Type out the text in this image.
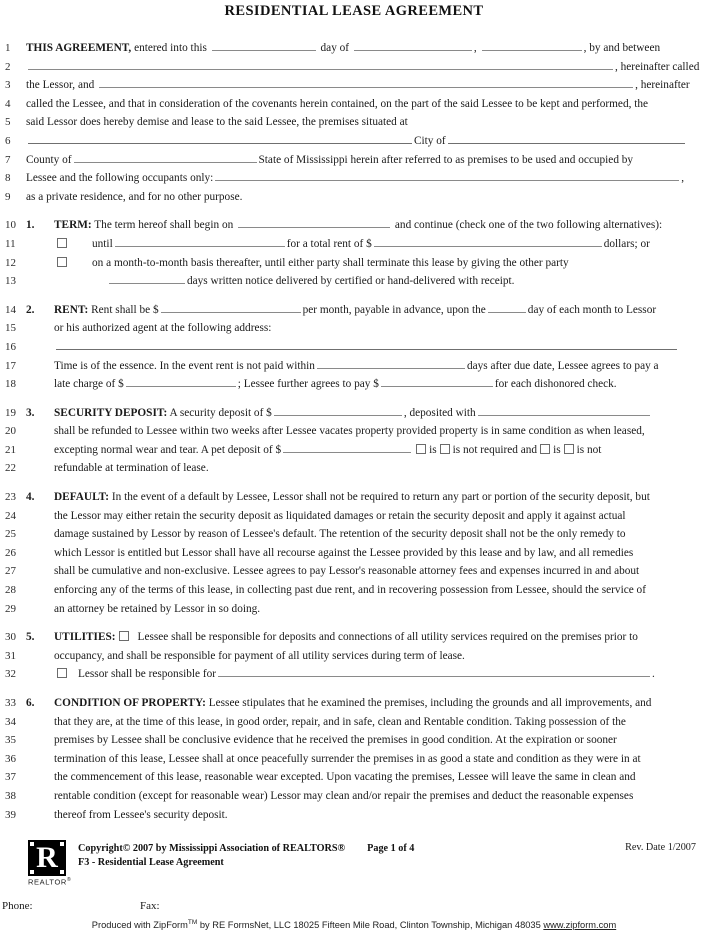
RESIDENTIAL LEASE AGREEMENT
1	THIS AGREEMENT, entered into this	day of	,	, by and between
2	, hereinafter called
3	the Lessor, and	, hereinafter
4	called the Lessee, and that in consideration of the covenants herein contained, on the part of the said Lessee to be kept and performed, the
5	said Lessor does hereby demise and lease to the said Lessee, the premises situated at
6	City of
7	County of	State of Mississippi herein after referred to as premises to be used and occupied by
8	Lessee and the following occupants only:	,
9	as a private residence, and for no other purpose.
10 1. TERM: The term hereof shall begin on	and continue (check one of the two following alternatives):
11	until	for a total rent of $	dollars; or
12	on a month-to-month basis thereafter, until either party shall terminate this lease by giving the other party
13	days written notice delivered by certified or hand-delivered with receipt.
14 2. RENT: Rent shall be $	per month, payable in advance, upon the	day of each month to Lessor
15	or his authorized agent at the following address:
16
17	Time is of the essence. In the event rent is not paid within	days after due date, Lessee agrees to pay a
18	late charge of $	; Lessee further agrees to pay $	for each dishonored check.
19 3. SECURITY DEPOSIT: A security deposit of $	, deposited with
20	shall be refunded to Lessee within two weeks after Lessee vacates property provided property is in same condition as when leased,
21	excepting normal wear and tear. A pet deposit of $	is is not required and is is not
22	refundable at termination of lease.
23 4. DEFAULT: In the event of a default by Lessee, Lessor shall not be required to return any part or portion of the security deposit, but
24	the Lessor may either retain the security deposit as liquidated damages or retain the security deposit and apply it against actual
25	damage sustained by Lessor by reason of Lessee's default. The retention of the security deposit shall not be the only remedy to
26	which Lessor is entitled but Lessor shall have all recourse against the Lessee provided by this lease and by law, and all remedies
27	shall be cumulative and non-exclusive. Lessee agrees to pay Lessor's reasonable attorney fees and expenses incurred in and about
28	enforcing any of the terms of this lease, in collecting past due rent, and in recovering possession from Lessee, should the service of
29	an attorney be retained by Lessor in so doing.
30 5. UTILITIES: Lessee shall be responsible for deposits and connections of all utility services required on the premises prior to
31	occupancy, and shall be responsible for payment of all utility services during term of lease.
32	Lessor shall be responsible for	.
33 6. CONDITION OF PROPERTY: Lessee stipulates that he examined the premises, including the grounds and all improvements, and
34	that they are, at the time of this lease, in good order, repair, and in safe, clean and Rentable condition. Taking possession of the
35	premises by Lessee shall be conclusive evidence that he received the premises in good condition. At the expiration or sooner
36	termination of this lease, Lessee shall at once peacefully surrender the premises in as good a state and condition as they were in at
37	the commencement of this lease, reasonable wear excepted. Upon vacating the premises, Lessee will leave the same in clean and
38	rentable condition (except for reasonable wear) Lessor may clean and/or repair the premises and deduct the reasonable expenses
39	thereof from Lessee's security deposit.
R
REALTOR®
Copyright© 2007 by Mississippi Association of REALTORS® Page 1 of 4
F3 - Residential Lease Agreement
Rev. Date 1/2007
Phone:	Fax:
Produced with ZipForm™ by RE FormsNet, LLC 18025 Fifteen Mile Road, Clinton Township, Michigan 48035 www.zipform.com
